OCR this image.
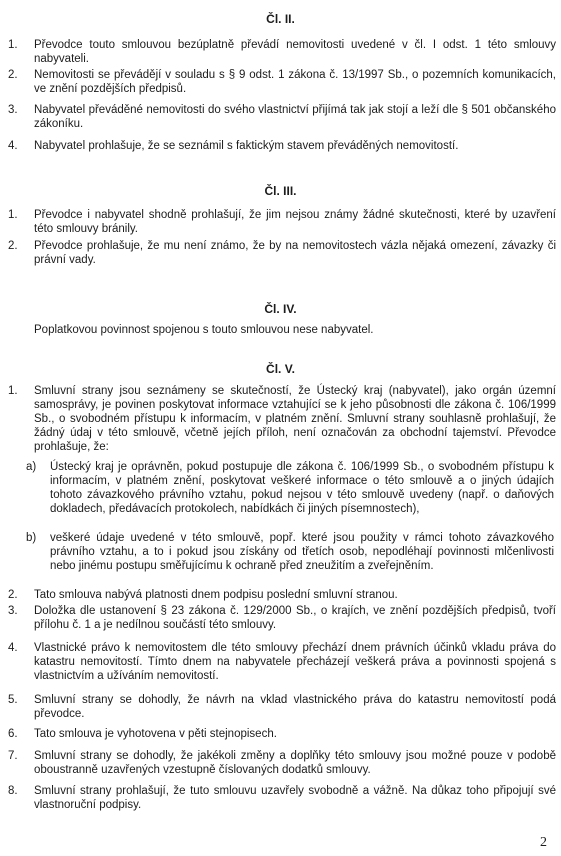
Čl. II.
1.	Převodce touto smlouvou bezúplatně převádí nemovitosti uvedené v čl. I odst. 1 této smlouvy nabyvateli.
2.	Nemovitosti se převádějí v souladu s § 9 odst. 1 zákona č. 13/1997 Sb., o pozemních komunikacích, ve znění pozdějších předpisů.
3.	Nabyvatel převáděné nemovitosti do svého vlastnictví přijímá tak jak stojí a leží dle § 501 občanského zákoníku.
4.	Nabyvatel prohlašuje, že se seznámil s faktickým stavem převáděných nemovitostí.
Čl. III.
1.	Převodce i nabyvatel shodně prohlašují, že jim nejsou známy žádné skutečnosti, které by uzavření této smlouvy bránily.
2.	Převodce prohlašuje, že mu není známo, že by na nemovitostech vázla nějaká omezení, závazky či právní vady.
Čl. IV.
Poplatkovou povinnost spojenou s touto smlouvou nese nabyvatel.
Čl. V.
1.	Smluvní strany jsou seznámeny se skutečností, že Ústecký kraj (nabyvatel), jako orgán územní samosprávy, je povinen poskytovat informace vztahující se k jeho působnosti dle zákona č. 106/1999 Sb., o svobodném přístupu k informacím, v platném znění. Smluvní strany souhlasně prohlašují, že žádný údaj v této smlouvě, včetně jejích příloh, není označován za obchodní tajemství. Převodce prohlašuje, že:
a) Ústecký kraj je oprávněn, pokud postupuje dle zákona č. 106/1999 Sb., o svobodném přístupu k informacím, v platném znění, poskytovat veškeré informace o této smlouvě a o jiných údajích tohoto závazkového právního vztahu, pokud nejsou v této smlouvě uvedeny (např. o daňových dokladech, předávacích protokolech, nabídkách či jiných písemnostech),
b) veškeré údaje uvedené v této smlouvě, popř. které jsou použity v rámci tohoto závazkového právního vztahu, a to i pokud jsou získány od třetích osob, nepodléhají povinnosti mlčenlivosti nebo jinému postupu směřujícímu k ochraně před zneužitím a zveřejněním.
2.	Tato smlouva nabývá platnosti dnem podpisu poslední smluvní stranou.
3.	Doložka dle ustanovení § 23 zákona č. 129/2000 Sb., o krajích, ve znění pozdějších předpisů, tvoří přílohu č. 1 a je nedílnou součástí této smlouvy.
4.	Vlastnické právo k nemovitostem dle této smlouvy přechází dnem právních účinků vkladu práva do katastru nemovitostí. Tímto dnem na nabyvatele přecházejí veškerá práva a povinnosti spojená s vlastnictvím a užíváním nemovitostí.
5.	Smluvní strany se dohodly, že návrh na vklad vlastnického práva do katastru nemovitostí podá převodce.
6.	Tato smlouva je vyhotovena v pěti stejnopisech.
7.	Smluvní strany se dohodly, že jakékoli změny a doplňky této smlouvy jsou možné pouze v podobě oboustranně uzavřených vzestupně číslovaných dodatků smlouvy.
8.	Smluvní strany prohlašují, že tuto smlouvu uzavřely svobodně a vážně. Na důkaz toho připojují své vlastnoruční podpisy.
2
